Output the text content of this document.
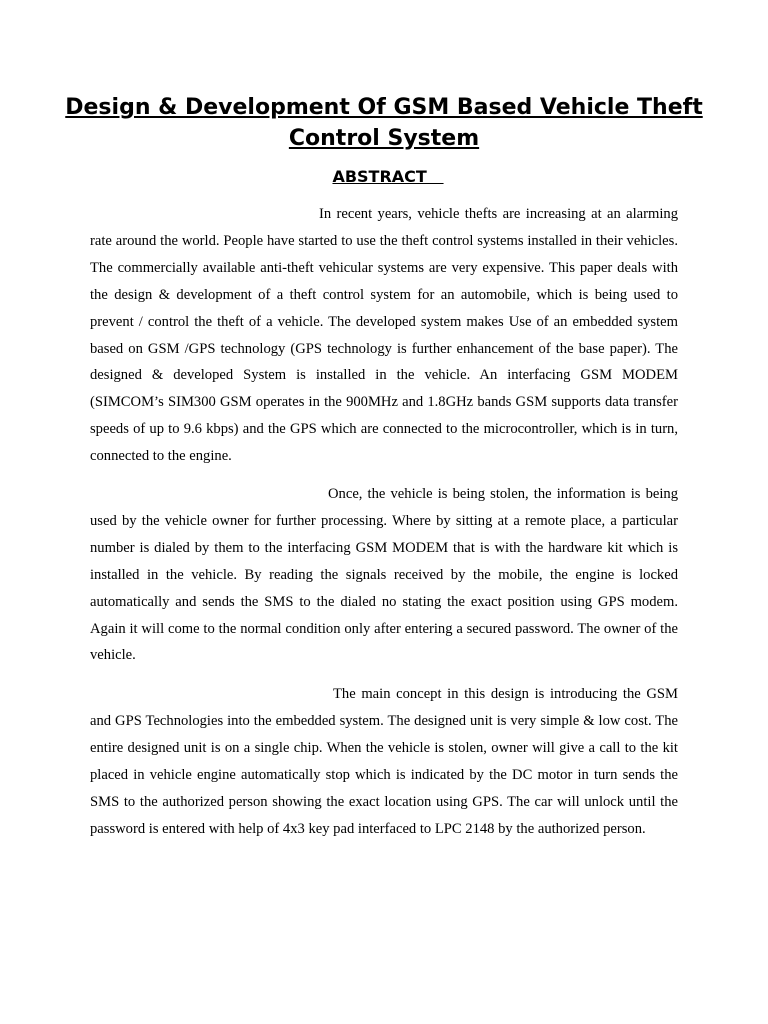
Design & Development Of GSM Based Vehicle Theft Control System
ABSTRACT

In recent years, vehicle thefts are increasing at an alarming rate around the world. People have started to use the theft control systems installed in their vehicles. The commercially available anti-theft vehicular systems are very expensive. This paper deals with the design & development of a theft control system for an automobile, which is being used to prevent / control the theft of a vehicle. The developed system makes Use of an embedded system based on GSM /GPS technology (GPS technology is further enhancement of the base paper). The designed & developed System is installed in the vehicle. An interfacing GSM MODEM (SIMCOM’s SIM300 GSM operates in the 900MHz and 1.8GHz bands GSM supports data transfer speeds of up to 9.6 kbps) and the GPS which are connected to the microcontroller, which is in turn, connected to the engine.

Once, the vehicle is being stolen, the information is being used by the vehicle owner for further processing. Where by sitting at a remote place, a particular number is dialed by them to the interfacing GSM MODEM that is with the hardware kit which is installed in the vehicle. By reading the signals received by the mobile, the engine is locked automatically and sends the SMS to the dialed no stating the exact position using GPS modem. Again it will come to the normal condition only after entering a secured password. The owner of the vehicle.

The main concept in this design is introducing the GSM and GPS Technologies into the embedded system. The designed unit is very simple & low cost. The entire designed unit is on a single chip. When the vehicle is stolen, owner will give a call to the kit placed in vehicle engine automatically stop which is indicated by the DC motor in turn sends the SMS to the authorized person showing the exact location using GPS. The car will unlock until the password is entered with help of 4x3 key pad interfaced to LPC 2148 by the authorized person.
